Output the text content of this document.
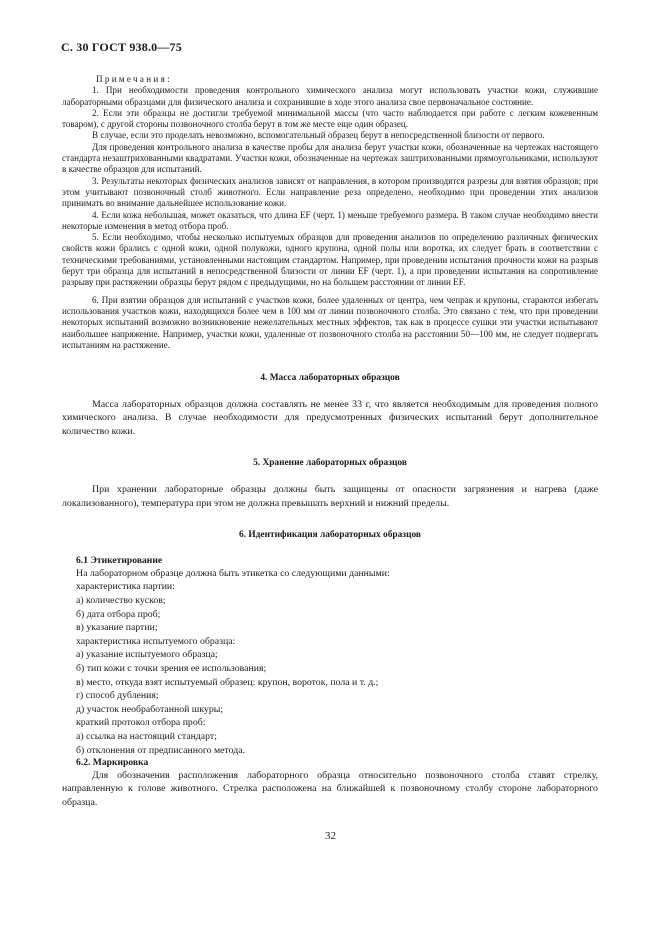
С. 30 ГОСТ 938.0—75

Примечания:

1. При необходимости проведения контрольного химического анализа могут использовать участки кожи, служившие лабораторными образцами для физического анализа и сохранившие в ходе этого анализа свое первоначальное состояние.

2. Если эти образцы не достигли требуемой минимальной массы (что часто наблюдается при работе с легким кожевенным товаром), с другой стороны позвоночного столба берут в том же месте еще один образец.

В случае, если это проделать невозможно, вспомогательный образец берут в непосредственной близости от первого.

Для проведения контрольного анализа в качестве пробы для анализа берут участки кожи, обозначенные на чертежах настоящего стандарта незаштрихованными квадратами. Участки кожи, обозначенные на чертежах заштрихованными прямоугольниками, используют в качестве образцов для испытаний.

3. Результаты некоторых физических анализов зависят от направления, в котором производятся разрезы для взятия образцов; при этом учитывают позвоночный столб животного. Если направление реза определено, необходимо при проведении этих анализов принимать во внимание дальнейшее использование кожи.

4. Если кожа небольшая, может оказаться, что длина EF (черт. 1) меньше требуемого размера. В таком случае необходимо внести некоторые изменения в метод отбора проб.

5. Если необходимо, чтобы несколько испытуемых образцов для проведения анализов по определению различных физических свойств кожи брались с одной кожи, одной полукожи, одного крупона, одной полы или воротка, их следует брать в соответствии с техническими требованиями, установленными настоящим стандартом. Например, при проведении испытания прочности кожи на разрыв берут три образца для испытаний в непосредственной близости от линии EF (черт. 1), а при проведении испытания на сопротивление разрыву при растяжении образцы берут рядом с предыдущими, но на большем расстоянии от линии EF.

6. При взятии образцов для испытаний с участков кожи, более удаленных от центра, чем чепрак и крупоны, стараются избегать использования участков кожи, находящихся более чем в 100 мм от линии позвоночного столба. Это связано с тем, что при проведении некоторых испытаний возможно возникновение нежелательных местных эффектов, так как в процессе сушки эти участки испытывают наибольшее напряжение. Например, участки кожи, удаленные от позвоночного столба на расстоянии 50—100 мм, не следует подвергать испытаниям на растяжение.

4. Масса лабораторных образцов

Масса лабораторных образцов должна составлять не менее 33 г, что является необходимым для проведения полного химического анализа. В случае необходимости для предусмотренных физических испытаний берут дополнительное количество кожи.

5. Хранение лабораторных образцов

При хранении лабораторные образцы должны быть защищены от опасности загрязнения и нагрева (даже локализованного), температура при этом не должна превышать верхний и нижний пределы.

6. Идентификация лабораторных образцов

6.1 Этикетирование

На лабораторном образце должна быть этикетка со следующими данными:

характеристика партии:

а) количество кусков;

б) дата отбора проб;

в) указание партии;

характеристика испытуемого образца:

а) указание испытуемого образца;

б) тип кожи с точки зрения ее использования;

в) место, откуда взят испытуемый образец: крупон, вороток, пола и т. д.;

г) способ дубления;

д) участок необработанной шкуры;

краткий протокол отбора проб:

а) ссылка на настоящий стандарт;

б) отклонения от предписанного метода.

6.2. Маркировка

Для обозначения расположения лабораторного образца относительно позвоночного столба ставят стрелку, направленную к голове животного. Стрелка расположена на ближайшей к позвоночному столбу стороне лабораторного образца.

32
